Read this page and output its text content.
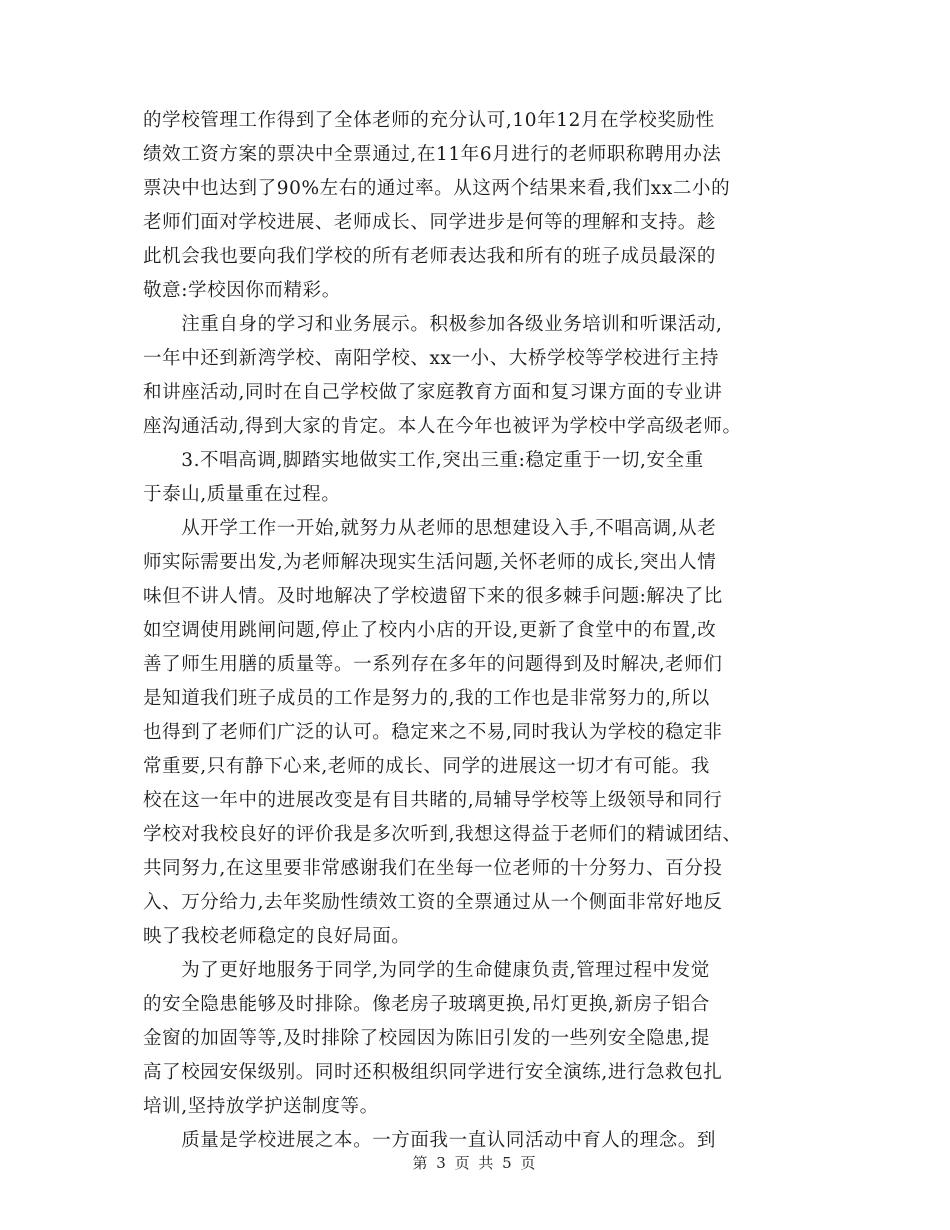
的学校管理工作得到了全体老师的充分认可,10年12月在学校奖励性
绩效工资方案的票决中全票通过,在11年6月进行的老师职称聘用办法
票决中也达到了90%左右的通过率。从这两个结果来看,我们xx二小的
老师们面对学校进展、老师成长、同学进步是何等的理解和支持。趁
此机会我也要向我们学校的所有老师表达我和所有的班子成员最深的
敬意:学校因你而精彩。
　　注重自身的学习和业务展示。积极参加各级业务培训和听课活动,
一年中还到新湾学校、南阳学校、xx一小、大桥学校等学校进行主持
和讲座活动,同时在自己学校做了家庭教育方面和复习课方面的专业讲
座沟通活动,得到大家的肯定。本人在今年也被评为学校中学高级老师。
　　3.不唱高调,脚踏实地做实工作,突出三重:稳定重于一切,安全重
于泰山,质量重在过程。
　　从开学工作一开始,就努力从老师的思想建设入手,不唱高调,从老
师实际需要出发,为老师解决现实生活问题,关怀老师的成长,突出人情
味但不讲人情。及时地解决了学校遗留下来的很多棘手问题:解决了比
如空调使用跳闸问题,停止了校内小店的开设,更新了食堂中的布置,改
善了师生用膳的质量等。一系列存在多年的问题得到及时解决,老师们
是知道我们班子成员的工作是努力的,我的工作也是非常努力的,所以
也得到了老师们广泛的认可。稳定来之不易,同时我认为学校的稳定非
常重要,只有静下心来,老师的成长、同学的进展这一切才有可能。我
校在这一年中的进展改变是有目共睹的,局辅导学校等上级领导和同行
学校对我校良好的评价我是多次听到,我想这得益于老师们的精诚团结、
共同努力,在这里要非常感谢我们在坐每一位老师的十分努力、百分投
入、万分给力,去年奖励性绩效工资的全票通过从一个侧面非常好地反
映了我校老师稳定的良好局面。
　　为了更好地服务于同学,为同学的生命健康负责,管理过程中发觉
的安全隐患能够及时排除。像老房子玻璃更换,吊灯更换,新房子铝合
金窗的加固等等,及时排除了校园因为陈旧引发的一些列安全隐患,提
高了校园安保级别。同时还积极组织同学进行安全演练,进行急救包扎
培训,坚持放学护送制度等。
　　质量是学校进展之本。一方面我一直认同活动中育人的理念。到
第 3 页 共 5 页
